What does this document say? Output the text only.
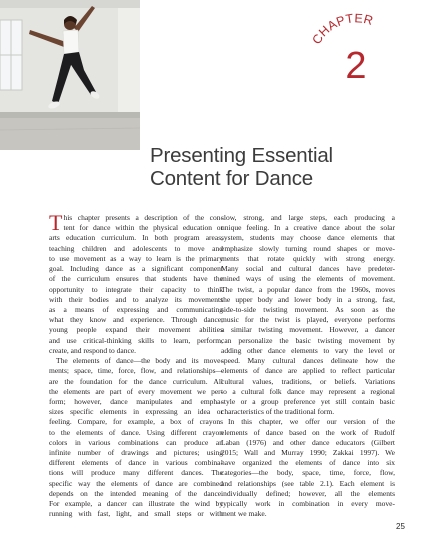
CHAPTER
2
Presenting Essential
Content for Dance
T his chapter presents a description of the con-
tent for dance within the physical education or
arts education curriculum. In both program areas,
teaching children and adolescents to move and
to use movement as a way to learn is the primary
goal. Including dance as a significant component
of the curriculum ensures that students have the
opportunity to integrate their capacity to think
with their bodies and to analyze its movements
as a means of expressing and communicating
what they know and experience. Through dance,
young people expand their movement abilities
and use critical-thinking skills to learn, perform,
create, and respond to dance.
The elements of dance—the body and its move-
ments; space, time, force, flow, and relationships—
are the foundation for the dance curriculum. All
the elements are part of every movement we per-
form; however, dance manipulates and empha-
sizes specific elements in expressing an idea or
feeling. Compare, for example, a box of crayons
to the elements of dance. Using different crayon
colors in various combinations can produce an
infinite number of drawings and pictures; using
different elements of dance in various combina-
tions will produce many different dances. The
specific way the elements of dance are combined
depends on the intended meaning of the dance.
For example, a dancer can illustrate the wind by
running with fast, light, and small steps or with
slow, strong, and large steps, each producing a
unique feeling. In a creative dance about the solar
system, students may choose dance elements that
emphasize slowly turning round shapes or move-
ments that rotate quickly with strong energy.
Many social and cultural dances have predeter-
mined ways of using the elements of movement.
The twist, a popular dance from the 1960s, moves
the upper body and lower body in a strong, fast,
side-to-side twisting movement. As soon as the
music for the twist is played, everyone performs
a similar twisting movement. However, a dancer
can personalize the basic twisting movement by
adding other dance elements to vary the level or
speed. Many cultural dances delineate how the
elements of dance are applied to reflect particular
cultural values, traditions, or beliefs. Variations
to a cultural folk dance may represent a regional
style or a group preference yet still contain basic
characteristics of the traditional form.
In this chapter, we offer our version of the
elements of dance based on the work of Rudolf
Laban (1976) and other dance educators (Gilbert
2015; Wall and Murray 1990; Zakkai 1997). We
have organized the elements of dance into six
categories—the body, space, time, force, flow,
and relationships (see table 2.1). Each element is
individually defined; however, all the elements
typically work in combination in every move-
ment we make.
25
